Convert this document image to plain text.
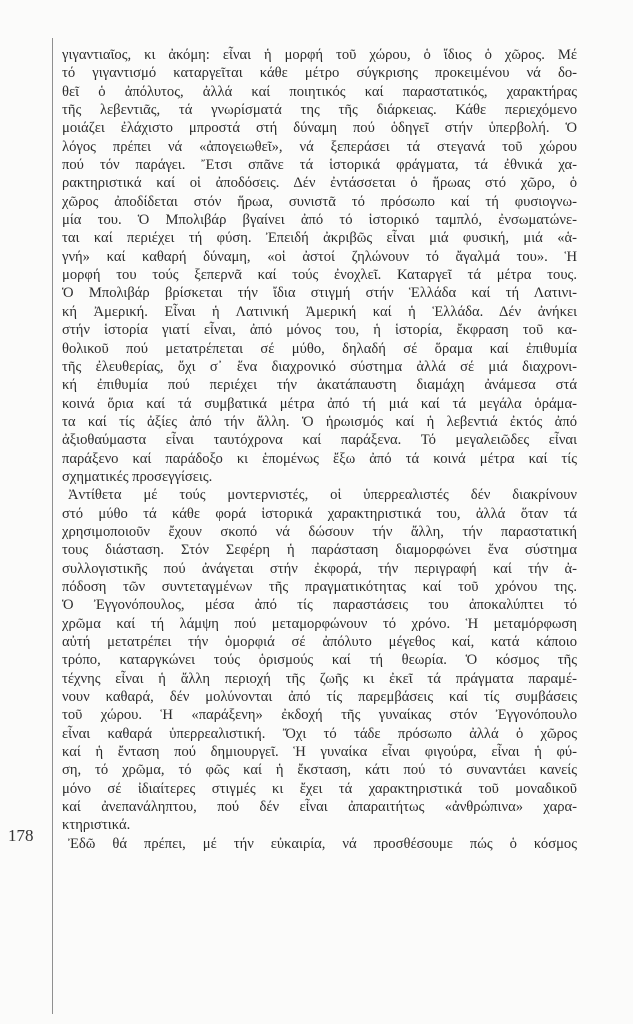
178
γιγαντιαῖος, κι ἀκόμη: εἶναι ἡ μορφή τοῦ χώρου, ὁ ἴδιος ὁ χῶρος. Μέ
τό γιγαντισμό καταργεῖται κάθε μέτρο σύγκρισης προκειμένου νά δο-
θεῖ ὁ ἀπόλυτος, ἀλλά καί ποιητικός καί παραστατικός, χαρακτήρας
τῆς λεβεντιᾶς, τά γνωρίσματά της τῆς διάρκειας. Κάθε περιεχόμενο
μοιάζει ἐλάχιστο μπροστά στή δύναμη πού ὁδηγεῖ στήν ὑπερβολή. Ὁ
λόγος πρέπει νά «ἀπογειωθεῖ», νά ξεπεράσει τά στεγανά τοῦ χώρου
πού τόν παράγει. Ἔτσι σπᾶνε τά ἱστορικά φράγματα, τά ἐθνικά χα-
ρακτηριστικά καί οἱ ἀποδόσεις. Δέν ἐντάσσεται ὁ ἥρωας στό χῶρο, ὁ
χῶρος ἀποδίδεται στόν ἥρωα, συνιστᾶ τό πρόσωπο καί τή φυσιογνω-
μία του. Ὁ Μπολιβάρ βγαίνει ἀπό τό ἱστορικό ταμπλό, ἐνσωματώνε-
ται καί περιέχει τή φύση. Ἐπειδή ἀκριβῶς εἶναι μιά φυσική, μιά «ἁ-
γνή» καί καθαρή δύναμη, «οἱ ἀστοί ζηλώνουν τό ἄγαλμά του». Ἡ
μορφή του τούς ξεπερνᾶ καί τούς ἐνοχλεῖ. Καταργεῖ τά μέτρα τους.
Ὁ Μπολιβάρ βρίσκεται τήν ἴδια στιγμή στήν Ἑλλάδα καί τή Λατινι-
κή Ἀμερική. Εἶναι ἡ Λατινική Ἀμερική καί ἡ Ἑλλάδα. Δέν ἀνήκει
στήν ἱστορία γιατί εἶναι, ἀπό μόνος του, ἡ ἱστορία, ἔκφραση τοῦ κα-
θολικοῦ πού μετατρέπεται σέ μύθο, δηλαδή σέ ὅραμα καί ἐπιθυμία
τῆς ἐλευθερίας, ὄχι σ᾽ ἕνα διαχρονικό σύστημα ἀλλά σέ μιά διαχρονι-
κή ἐπιθυμία πού περιέχει τήν ἀκατάπαυστη διαμάχη ἀνάμεσα στά
κοινά ὅρια καί τά συμβατικά μέτρα ἀπό τή μιά καί τά μεγάλα ὁράμα-
τα καί τίς ἀξίες ἀπό τήν ἄλλη. Ὁ ἡρωισμός καί ἡ λεβεντιά ἐκτός ἀπό
ἀξιοθαύμαστα εἶναι ταυτόχρονα καί παράξενα. Τό μεγαλειῶδες εἶναι
παράξενο καί παράδοξο κι ἑπομένως ἔξω ἀπό τά κοινά μέτρα καί τίς
σχηματικές προσεγγίσεις.
Ἀντίθετα μέ τούς μοντερνιστές, οἱ ὑπερρεαλιστές δέν διακρίνουν
στό μύθο τά κάθε φορά ἱστορικά χαρακτηριστικά του, ἀλλά ὅταν τά
χρησιμοποιοῦν ἔχουν σκοπό νά δώσουν τήν ἄλλη, τήν παραστατική
τους διάσταση. Στόν Σεφέρη ἡ παράσταση διαμορφώνει ἕνα σύστημα
συλλογιστικῆς πού ἀνάγεται στήν ἐκφορά, τήν περιγραφή καί τήν ἀ-
πόδοση τῶν συντεταγμένων τῆς πραγματικότητας καί τοῦ χρόνου της.
Ὁ Ἐγγονόπουλος, μέσα ἀπό τίς παραστάσεις του ἀποκαλύπτει τό
χρῶμα καί τή λάμψη πού μεταμορφώνουν τό χρόνο. Ἡ μεταμόρφωση
αὐτή μετατρέπει τήν ὁμορφιά σέ ἀπόλυτο μέγεθος καί, κατά κάποιο
τρόπο, καταργκώνει τούς ὁρισμούς καί τή θεωρία. Ὁ κόσμος τῆς
τέχνης εἶναι ἡ ἄλλη περιοχή τῆς ζωῆς κι ἐκεῖ τά πράγματα παραμέ-
νουν καθαρά, δέν μολύνονται ἀπό τίς παρεμβάσεις καί τίς συμβάσεις
τοῦ χώρου. Ἡ «παράξενη» ἐκδοχή τῆς γυναίκας στόν Ἐγγονόπουλο
εἶναι καθαρά ὑπερρεαλιστική. Ὄχι τό τάδε πρόσωπο ἀλλά ὁ χῶρος
καί ἡ ἔνταση πού δημιουργεῖ. Ἡ γυναίκα εἶναι φιγούρα, εἶναι ἡ φύ-
ση, τό χρῶμα, τό φῶς καί ἡ ἔκσταση, κάτι πού τό συναντάει κανείς
μόνο σέ ἰδιαίτερες στιγμές κι ἔχει τά χαρακτηριστικά τοῦ μοναδικοῦ
καί ἀνεπανάληπτου, πού δέν εἶναι ἀπαραιτήτως «ἀνθρώπινα» χαρα-
κτηριστικά.
Ἐδῶ θά πρέπει, μέ τήν εὐκαιρία, νά προσθέσουμε πώς ὁ κόσμος
